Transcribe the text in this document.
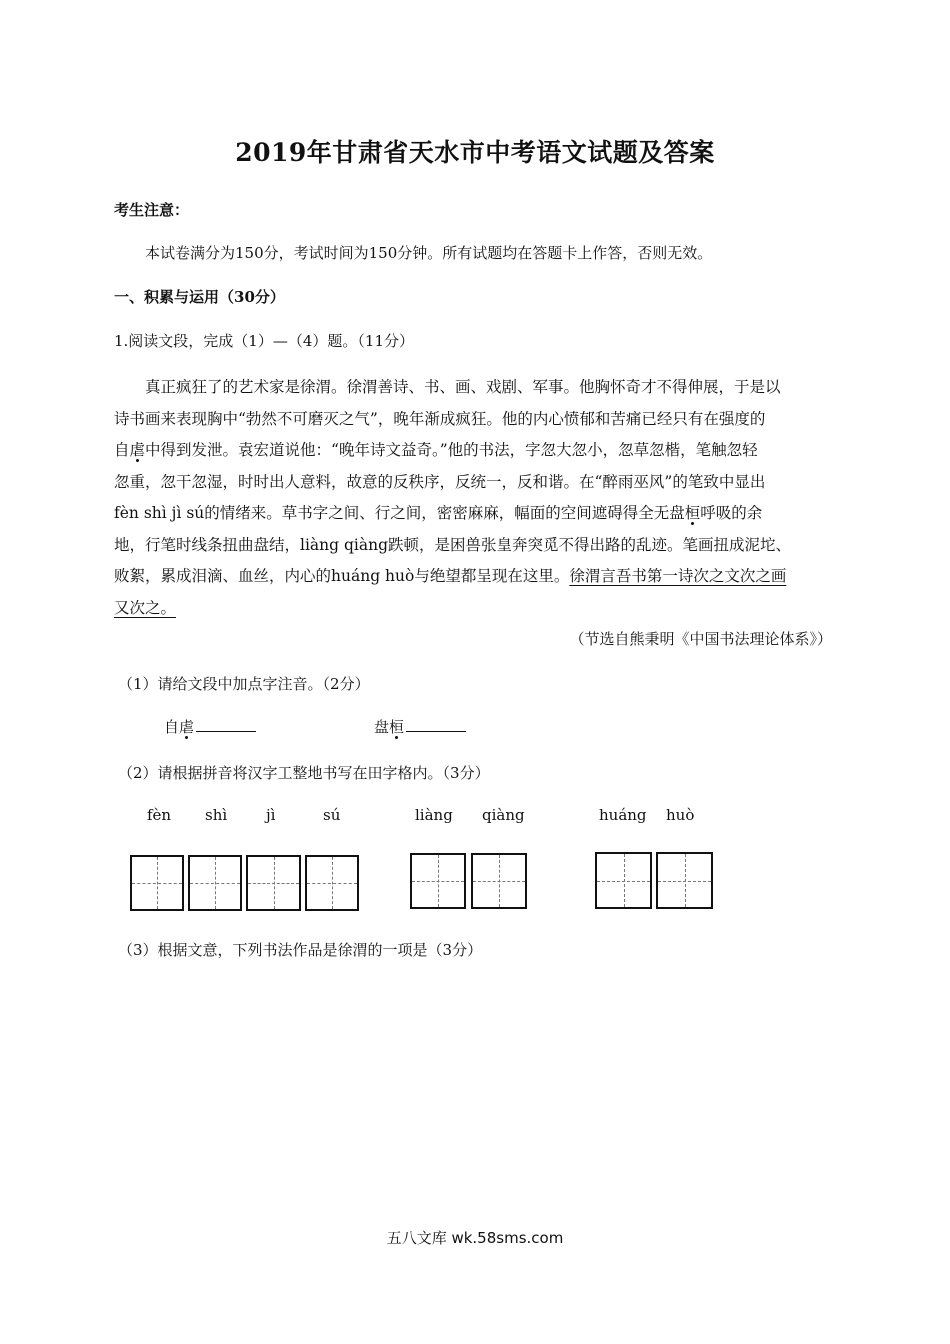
2019年甘肃省天水市中考语文试题及答案
考生注意：
本试卷满分为150分，考试时间为150分钟。所有试题均在答题卡上作答，否则无效。
一、积累与运用（30分）
1.阅读文段，完成（1）—（4）题。（11分）
真正疯狂了的艺术家是徐渭。徐渭善诗、书、画、戏剧、军事。他胸怀奇才不得伸展，于是以
诗书画来表现胸中“勃然不可磨灭之气”，晚年渐成疯狂。他的内心愤郁和苦痛已经只有在强度的
自虐中得到发泄。袁宏道说他：“晚年诗文益奇。”他的书法，字忽大忽小，忽草忽楷，笔触忽轻
忽重，忽干忽湿，时时出人意料，故意的反秩序，反统一，反和谐。在“醉雨巫风”的笔致中显出
fèn shì jì sú的情绪来。草书字之间、行之间，密密麻麻，幅面的空间遮碍得全无盘桓呼吸的余
地，行笔时线条扭曲盘结，liàng qiàng跌顿，是困兽张皇奔突觅不得出路的乱迹。笔画扭成泥坨、
败絮，累成泪滴、血丝，内心的huáng huò与绝望都呈现在这里。徐渭言吾书第一诗次之文次之画
又次之。
（节选自熊秉明《中国书法理论体系》）
（1）请给文段中加点字注音。（2分）
自虐	盘桓
（2）请根据拼音将汉字工整地书写在田字格内。（3分）
fèn shì	jì	sú	liàng qiàng	huáng huò
（3）根据文意，下列书法作品是徐渭的一项是（3分）
五八文库 wk.58sms.com
